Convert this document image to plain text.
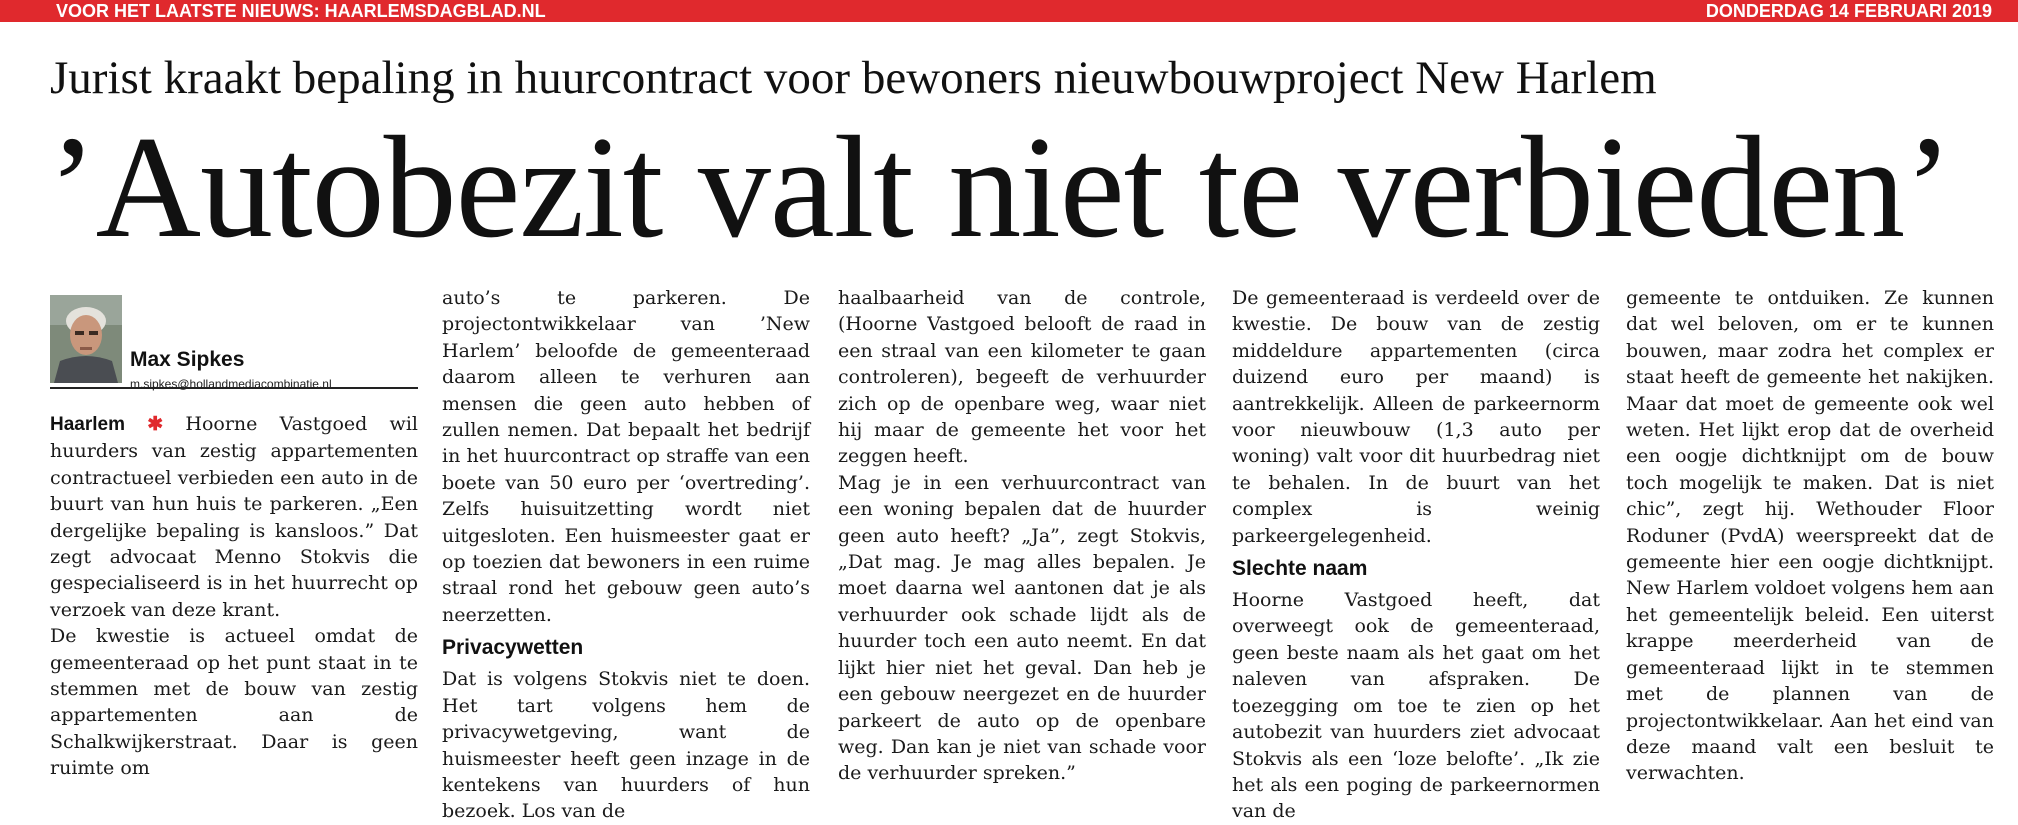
VOOR HET LAATSTE NIEUWS: HAARLEMSDAGBLAD.NL	DONDERDAG 14 FEBRUARI 2019
Jurist kraakt bepaling in huurcontract voor bewoners nieuwbouwproject New Harlem
’Autobezit valt niet te verbieden’
Max Sipkes
m.sipkes@hollandmediacombinatie.nl

Haarlem ✱ Hoorne Vastgoed wil huurders van zestig appartementen contractueel verbieden een auto in de buurt van hun huis te parkeren. „Een dergelijke bepaling is kansloos.” Dat zegt advocaat Menno Stokvis die gespecialiseerd is in het huurrecht op verzoek van deze krant.

De kwestie is actueel omdat de gemeenteraad op het punt staat in te stemmen met de bouw van zestig appartementen aan de Schalkwijkerstraat. Daar is geen ruimte om

auto’s te parkeren. De projectontwikkelaar van ’New Harlem’ beloofde de gemeenteraad daarom alleen te verhuren aan mensen die geen auto hebben of zullen nemen. Dat bepaalt het bedrijf in het huurcontract op straffe van een boete van 50 euro per ‘overtreding’. Zelfs huisuitzetting wordt niet uitgesloten. Een huismeester gaat er op toezien dat bewoners in een ruime straal rond het gebouw geen auto’s neerzetten.

Privacywetten

Dat is volgens Stokvis niet te doen. Het tart volgens hem de privacywetgeving, want de huismeester heeft geen inzage in de kentekens van huurders of hun bezoek. Los van de

haalbaarheid van de controle, (Hoorne Vastgoed belooft de raad in een straal van een kilometer te gaan controleren), begeeft de verhuurder zich op de openbare weg, waar niet hij maar de gemeente het voor het zeggen heeft.

Mag je in een verhuurcontract van een woning bepalen dat de huurder geen auto heeft? „Ja”, zegt Stokvis, „Dat mag. Je mag alles bepalen. Je moet daarna wel aantonen dat je als verhuurder ook schade lijdt als de huurder toch een auto neemt. En dat lijkt hier niet het geval. Dan heb je een gebouw neergezet en de huurder parkeert de auto op de openbare weg. Dan kan je niet van schade voor de verhuurder spreken.”

De gemeenteraad is verdeeld over de kwestie. De bouw van de zestig middeldure appartementen (circa duizend euro per maand) is aantrekkelijk. Alleen de parkeernorm voor nieuwbouw (1,3 auto per woning) valt voor dit huurbedrag niet te behalen. In de buurt van het complex is weinig parkeergelegenheid.

Slechte naam

Hoorne Vastgoed heeft, dat overweegt ook de gemeenteraad, geen beste naam als het gaat om het naleven van afspraken. De toezegging om toe te zien op het autobezit van huurders ziet advocaat Stokvis als een ‘loze belofte’. „Ik zie het als een poging de parkeernormen van de

gemeente te ontduiken. Ze kunnen dat wel beloven, om er te kunnen bouwen, maar zodra het complex er staat heeft de gemeente het nakijken. Maar dat moet de gemeente ook wel weten. Het lijkt erop dat de overheid een oogje dichtknijpt om de bouw toch mogelijk te maken. Dat is niet chic”, zegt hij. Wethouder Floor Roduner (PvdA) weerspreekt dat de gemeente hier een oogje dichtknijpt. New Harlem voldoet volgens hem aan het gemeentelijk beleid. Een uiterst krappe meerderheid van de gemeenteraad lijkt in te stemmen met de plannen van de projectontwikkelaar. Aan het eind van deze maand valt een besluit te verwachten.
